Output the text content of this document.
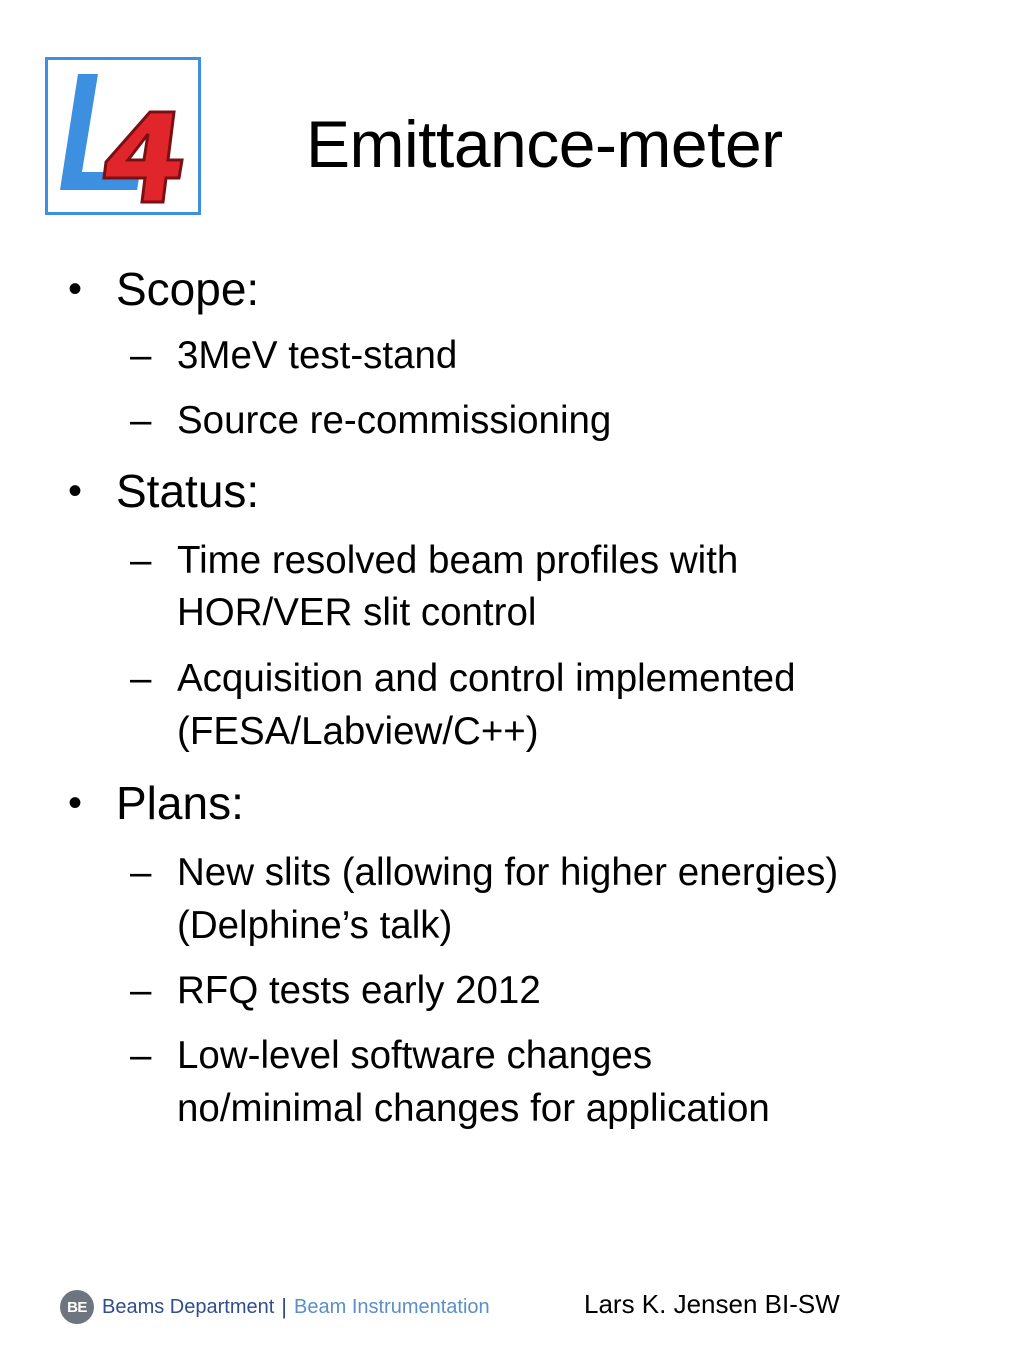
Emittance-meter
• Scope:
– 3MeV test-stand
– Source re-commissioning
• Status:
– Time resolved beam profiles with
HOR/VER slit control
– Acquisition and control implemented
(FESA/Labview/C++)
• Plans:
– New slits (allowing for higher energies)
(Delphine’s talk)
– RFQ tests early 2012
– Low-level software changes
no/minimal changes for application
BE Beams Department | Beam Instrumentation	Lars K. Jensen BI-SW
